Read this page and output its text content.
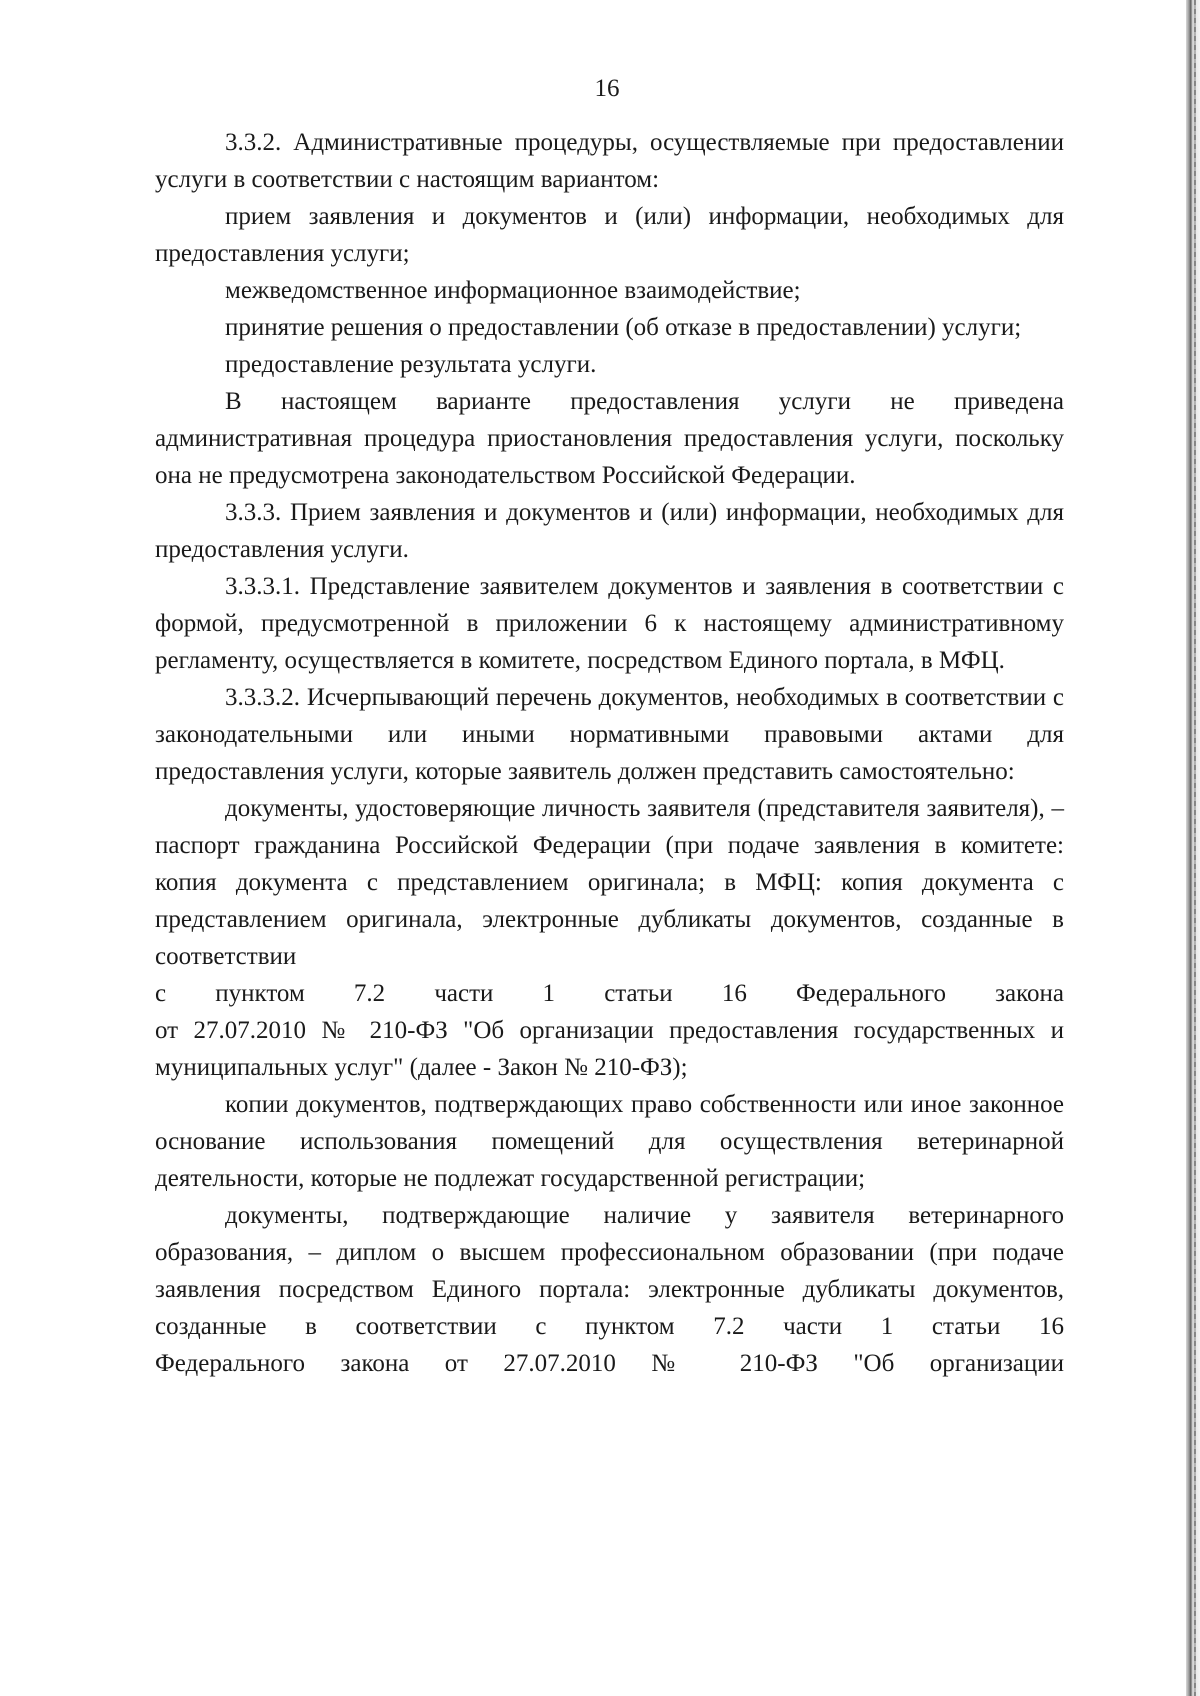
16

3.3.2. Административные процедуры, осуществляемые при предоставлении услуги в соответствии с настоящим вариантом:

прием заявления и документов и (или) информации, необходимых для предоставления услуги;

межведомственное информационное взаимодействие;

принятие решения о предоставлении (об отказе в предоставлении) услуги;

предоставление результата услуги.

В настоящем варианте предоставления услуги не приведена административная процедура приостановления предоставления услуги, поскольку она не предусмотрена законодательством Российской Федерации.

3.3.3. Прием заявления и документов и (или) информации, необходимых для предоставления услуги.

3.3.3.1. Представление заявителем документов и заявления в соответствии с формой, предусмотренной в приложении 6 к настоящему административному регламенту, осуществляется в комитете, посредством Единого портала, в МФЦ.

3.3.3.2. Исчерпывающий перечень документов, необходимых в соответствии с законодательными или иными нормативными правовыми актами для предоставления услуги, которые заявитель должен представить самостоятельно:

документы, удостоверяющие личность заявителя (представителя заявителя), – паспорт гражданина Российской Федерации (при подаче заявления в комитете: копия документа с представлением оригинала; в МФЦ: копия документа с представлением оригинала, электронные дубликаты документов, созданные в соответствии

с пунктом 7.2 части 1 статьи 16 Федерального закона

от 27.07.2010 № 210-ФЗ "Об организации предоставления государственных и муниципальных услуг" (далее - Закон № 210-ФЗ);

копии документов, подтверждающих право собственности или иное законное основание использования помещений для осуществления ветеринарной деятельности, которые не подлежат государственной регистрации;

документы, подтверждающие наличие у заявителя ветеринарного образования, – диплом о высшем профессиональном образовании (при подаче заявления посредством Единого портала: электронные дубликаты документов, созданные в соответствии с пунктом 7.2 части 1 статьи 16

Федерального закона от 27.07.2010 № 210-ФЗ "Об организации
